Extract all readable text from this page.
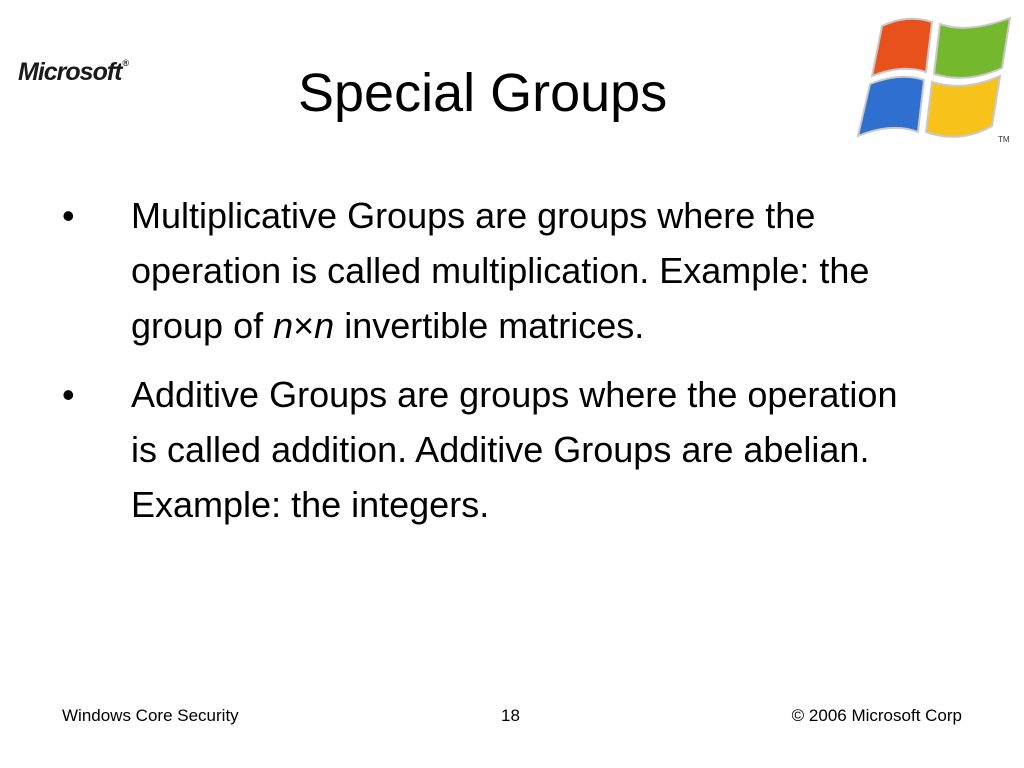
Microsoft®	Special Groups
TM
• Multiplicative Groups are groups where the operation is called multiplication. Example: the group of n×n invertible matrices.
• Additive Groups are groups where the operation is called addition. Additive Groups are abelian. Example: the integers.
Windows Core Security	18	© 2006 Microsoft Corp
